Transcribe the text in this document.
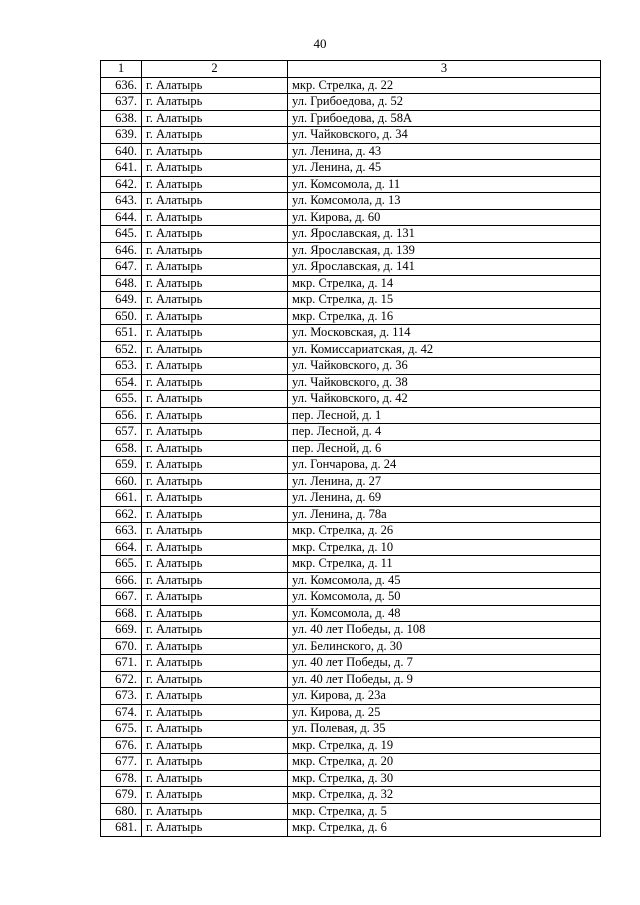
40
1	2	3
636.	г. Алатырь	мкр. Стрелка, д. 22
637.	г. Алатырь	ул. Грибоедова, д. 52
638.	г. Алатырь	ул. Грибоедова, д. 58А
639.	г. Алатырь	ул. Чайковского, д. 34
640.	г. Алатырь	ул. Ленина, д. 43
641.	г. Алатырь	ул. Ленина, д. 45
642.	г. Алатырь	ул. Комсомола, д. 11
643.	г. Алатырь	ул. Комсомола, д. 13
644.	г. Алатырь	ул. Кирова, д. 60
645.	г. Алатырь	ул. Ярославская, д. 131
646.	г. Алатырь	ул. Ярославская, д. 139
647.	г. Алатырь	ул. Ярославская, д. 141
648.	г. Алатырь	мкр. Стрелка, д. 14
649.	г. Алатырь	мкр. Стрелка, д. 15
650.	г. Алатырь	мкр. Стрелка, д. 16
651.	г. Алатырь	ул. Московская, д. 114
652.	г. Алатырь	ул. Комиссариатская, д. 42
653.	г. Алатырь	ул. Чайковского, д. 36
654.	г. Алатырь	ул. Чайковского, д. 38
655.	г. Алатырь	ул. Чайковского, д. 42
656.	г. Алатырь	пер. Лесной, д. 1
657.	г. Алатырь	пер. Лесной, д. 4
658.	г. Алатырь	пер. Лесной, д. 6
659.	г. Алатырь	ул. Гончарова, д. 24
660.	г. Алатырь	ул. Ленина, д. 27
661.	г. Алатырь	ул. Ленина, д. 69
662.	г. Алатырь	ул. Ленина, д. 78а
663.	г. Алатырь	мкр. Стрелка, д. 26
664.	г. Алатырь	мкр. Стрелка, д. 10
665.	г. Алатырь	мкр. Стрелка, д. 11
666.	г. Алатырь	ул. Комсомола, д. 45
667.	г. Алатырь	ул. Комсомола, д. 50
668.	г. Алатырь	ул. Комсомола, д. 48
669.	г. Алатырь	ул. 40 лет Победы, д. 108
670.	г. Алатырь	ул. Белинского, д. 30
671.	г. Алатырь	ул. 40 лет Победы, д. 7
672.	г. Алатырь	ул. 40 лет Победы, д. 9
673.	г. Алатырь	ул. Кирова, д. 23а
674.	г. Алатырь	ул. Кирова, д. 25
675.	г. Алатырь	ул. Полевая, д. 35
676.	г. Алатырь	мкр. Стрелка, д. 19
677.	г. Алатырь	мкр. Стрелка, д. 20
678.	г. Алатырь	мкр. Стрелка, д. 30
679.	г. Алатырь	мкр. Стрелка, д. 32
680.	г. Алатырь	мкр. Стрелка, д. 5
681.	г. Алатырь	мкр. Стрелка, д. 6
